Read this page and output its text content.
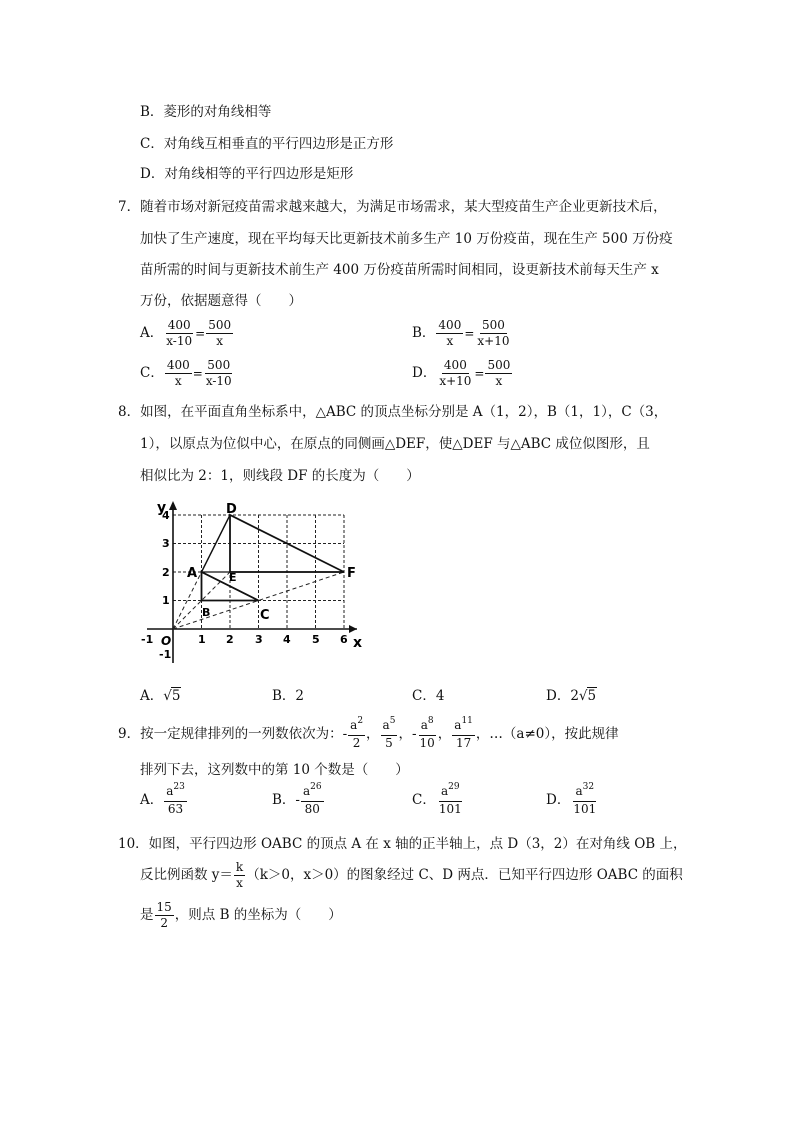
B．菱形的对角线相等
C．对角线互相垂直的平行四边形是正方形
D．对角线相等的平行四边形是矩形
7．随着市场对新冠疫苗需求越来越大，为满足市场需求，某大型疫苗生产企业更新技术后，
加快了生产速度，现在平均每天比更新技术前多生产 10 万份疫苗，现在生产 500 万份疫
苗所需的时间与更新技术前生产 400 万份疫苗所需时间相同，设更新技术前每天生产 x
万份，依据题意得（　　）
A． $\frac{400}{x-10} = \frac{500}{x}$	B． $\frac{400}{x} = \frac{500}{x+10}$
C． $\frac{400}{x} = \frac{500}{x-10}$	D． $\frac{400}{x+10} = \frac{500}{x}$
8．如图，在平面直角坐标系中，△ABC 的顶点坐标分别是 A（1，2），B（1，1），C（3，
1），以原点为位似中心，在原点的同侧画△DEF，使△DEF 与△ABC 成位似图形，且
相似比为 2：1，则线段 DF 的长度为（　　）
y
x
O
-1	1 2 3 4 5 6
4
3
2
1
-1
D
A	E	F
B	C
A．√5	B．2	C．4	D．2√5
9．按一定规律排列的一列数依次为：- $\frac{a^2}{2}$ ， $\frac{a^5}{5}$ ，- $\frac{a^8}{10}$ ， $\frac{a^{11}}{17}$ ，…（a≠0），按此规律
排列下去，这列数中的第 10 个数是（　　）
A． $\frac{a^{23}}{63}$	B．- $\frac{a^{26}}{80}$	C． $\frac{a^{29}}{101}$	D． $\frac{a^{32}}{101}$
10．如图，平行四边形 OABC 的顶点 A 在 x 轴的正半轴上，点 D（3，2）在对角线 OB 上，
反比例函数 $y= \frac{k}{x} (k>0$，x＞0）的图象经过 C、D 两点．已知平行四边形 OABC 的面积
是 $\frac{15}{2}$ ，则点 B 的坐标为（　　）
